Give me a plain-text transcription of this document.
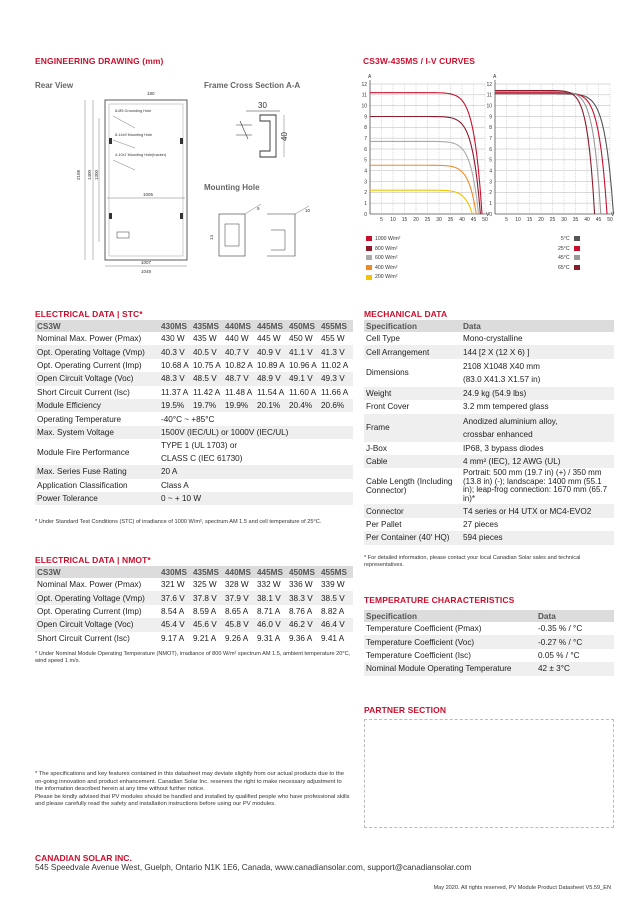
ENGINEERING DRAWING (mm)
Rear View	Frame Cross Section A-A
Mounting Hole
180
2108 1400 1300
1005
1007
1048
8-Ø5 Grounding Hole
8-14x9 Mounting Hole
4-10x7 Mounting Hole(tracker)
30
40
14
9	10
CS3W-435MS / I-V CURVES
0
1
2
3
4
5
6
7
8
9
10
11
12
5 10 15 20 25 30 35 40 45 50
A
V 0
1
2
3
4
5
6
7
8
9
10
11
12
5 10 15 20 25 30 35 40 45 50
A
V
1000 W/m²
800 W/m²
600 W/m²
400 W/m²
200 W/m²
5°C
25°C
45°C
65°C
ELECTRICAL DATA | STC*
CS3W	430MS	435MS	440MS	445MS	450MS	455MS
Nominal Max. Power (Pmax)	430 W	435 W	440 W	445 W	450 W	455 W
Opt. Operating Voltage (Vmp)	40.3 V	40.5 V	40.7 V	40.9 V	41.1 V	41.3 V
Opt. Operating Current (Imp)	10.68 A	10.75 A	10.82 A	10.89 A	10.96 A	11.02 A
Open Circuit Voltage (Voc)	48.3 V	48.5 V	48.7 V	48.9 V	49.1 V	49.3 V
Short Circuit Current (Isc)	11.37 A	11.42 A	11.48 A	11.54 A	11.60 A	11.66 A
Module Efficiency	19.5%	19.7%	19.9%	20.1%	20.4%	20.6%
Operating Temperature	-40°C ~ +85°C					
Max. System Voltage	1500V (IEC/UL) or 1000V (IEC/UL)					
Module Fire Performance	TYPE 1 (UL 1703) or
CLASS C (IEC 61730)					

Max. Series Fuse Rating	20 A					
Application Classification	Class A					
Power Tolerance	0 ~ + 10 W					
* Under Standard Test Conditions (STC) of irradiance of 1000 W/m², spectrum AM 1.5 and cell temperature of 25°C.
ELECTRICAL DATA | NMOT*
CS3W	430MS	435MS	440MS	445MS	450MS	455MS
Nominal Max. Power (Pmax)	321 W	325 W	328 W	332 W	336 W	339 W
Opt. Operating Voltage (Vmp)	37.6 V	37.8 V	37.9 V	38.1 V	38.3 V	38.5 V
Opt. Operating Current (Imp)	8.54 A	8.59 A	8.65 A	8.71 A	8.76 A	8.82 A
Open Circuit Voltage (Voc)	45.4 V	45.6 V	45.8 V	46.0 V	46.2 V	46.4 V
Short Circuit Current (Isc)	9.17 A	9.21 A	9.26 A	9.31 A	9.36 A	9.41 A
* Under Nominal Module Operating Temperature (NMOT), irradiance of 800 W/m² spectrum AM 1.5, ambient temperature 20°C, wind speed 1 m/s.
MECHANICAL DATA
Specification	Data
Cell Type	Mono-crystalline
Cell Arrangement	144 [2 X (12 X 6) ]
Dimensions	2108 X1048 X40 mm
(83.0 X41.3 X1.57 in)

Weight	24.9 kg (54.9 lbs)
Front Cover	3.2 mm tempered glass
Frame	Anodized aluminium alloy,
crossbar enhanced

J-Box	IP68, 3 bypass diodes
Cable	4 mm² (IEC), 12 AWG (UL)
Cable Length (Including Connector)	Portrait: 500 mm (19.7 in) (+) / 350 mm (13.8 in) (-); landscape: 1400 mm (55.1 in); leap-frog connection: 1670 mm (65.7 in)*
Connector	T4 series or H4 UTX or MC4-EVO2
Per Pallet	27 pieces
Per Container (40' HQ)	594 pieces
* For detailed information, please contact your local Canadian Solar sales and technical representatives.
TEMPERATURE CHARACTERISTICS
Specification	Data
Temperature Coefficient (Pmax)	-0.35 % / °C
Temperature Coefficient (Voc)	-0.27 % / °C
Temperature Coefficient (Isc)	0.05 % / °C
Nominal Module Operating Temperature	42 ± 3°C
PARTNER SECTION
* The specifications and key features contained in this datasheet may deviate slightly from our actual products due to the on-going innovation and product enhancement. Canadian Solar Inc. reserves the right to make necessary adjustment to the information described herein at any time without further notice.
Please be kindly advised that PV modules should be handled and installed by qualified people who have professional skills and please carefully read the safety and installation instructions before using our PV modules.
CANADIAN SOLAR INC.
545 Speedvale Avenue West, Guelph, Ontario N1K 1E6, Canada, www.canadiansolar.com, support@canadiansolar.com
May 2020. All rights reserved, PV Module Product Datasheet V5.59_EN
